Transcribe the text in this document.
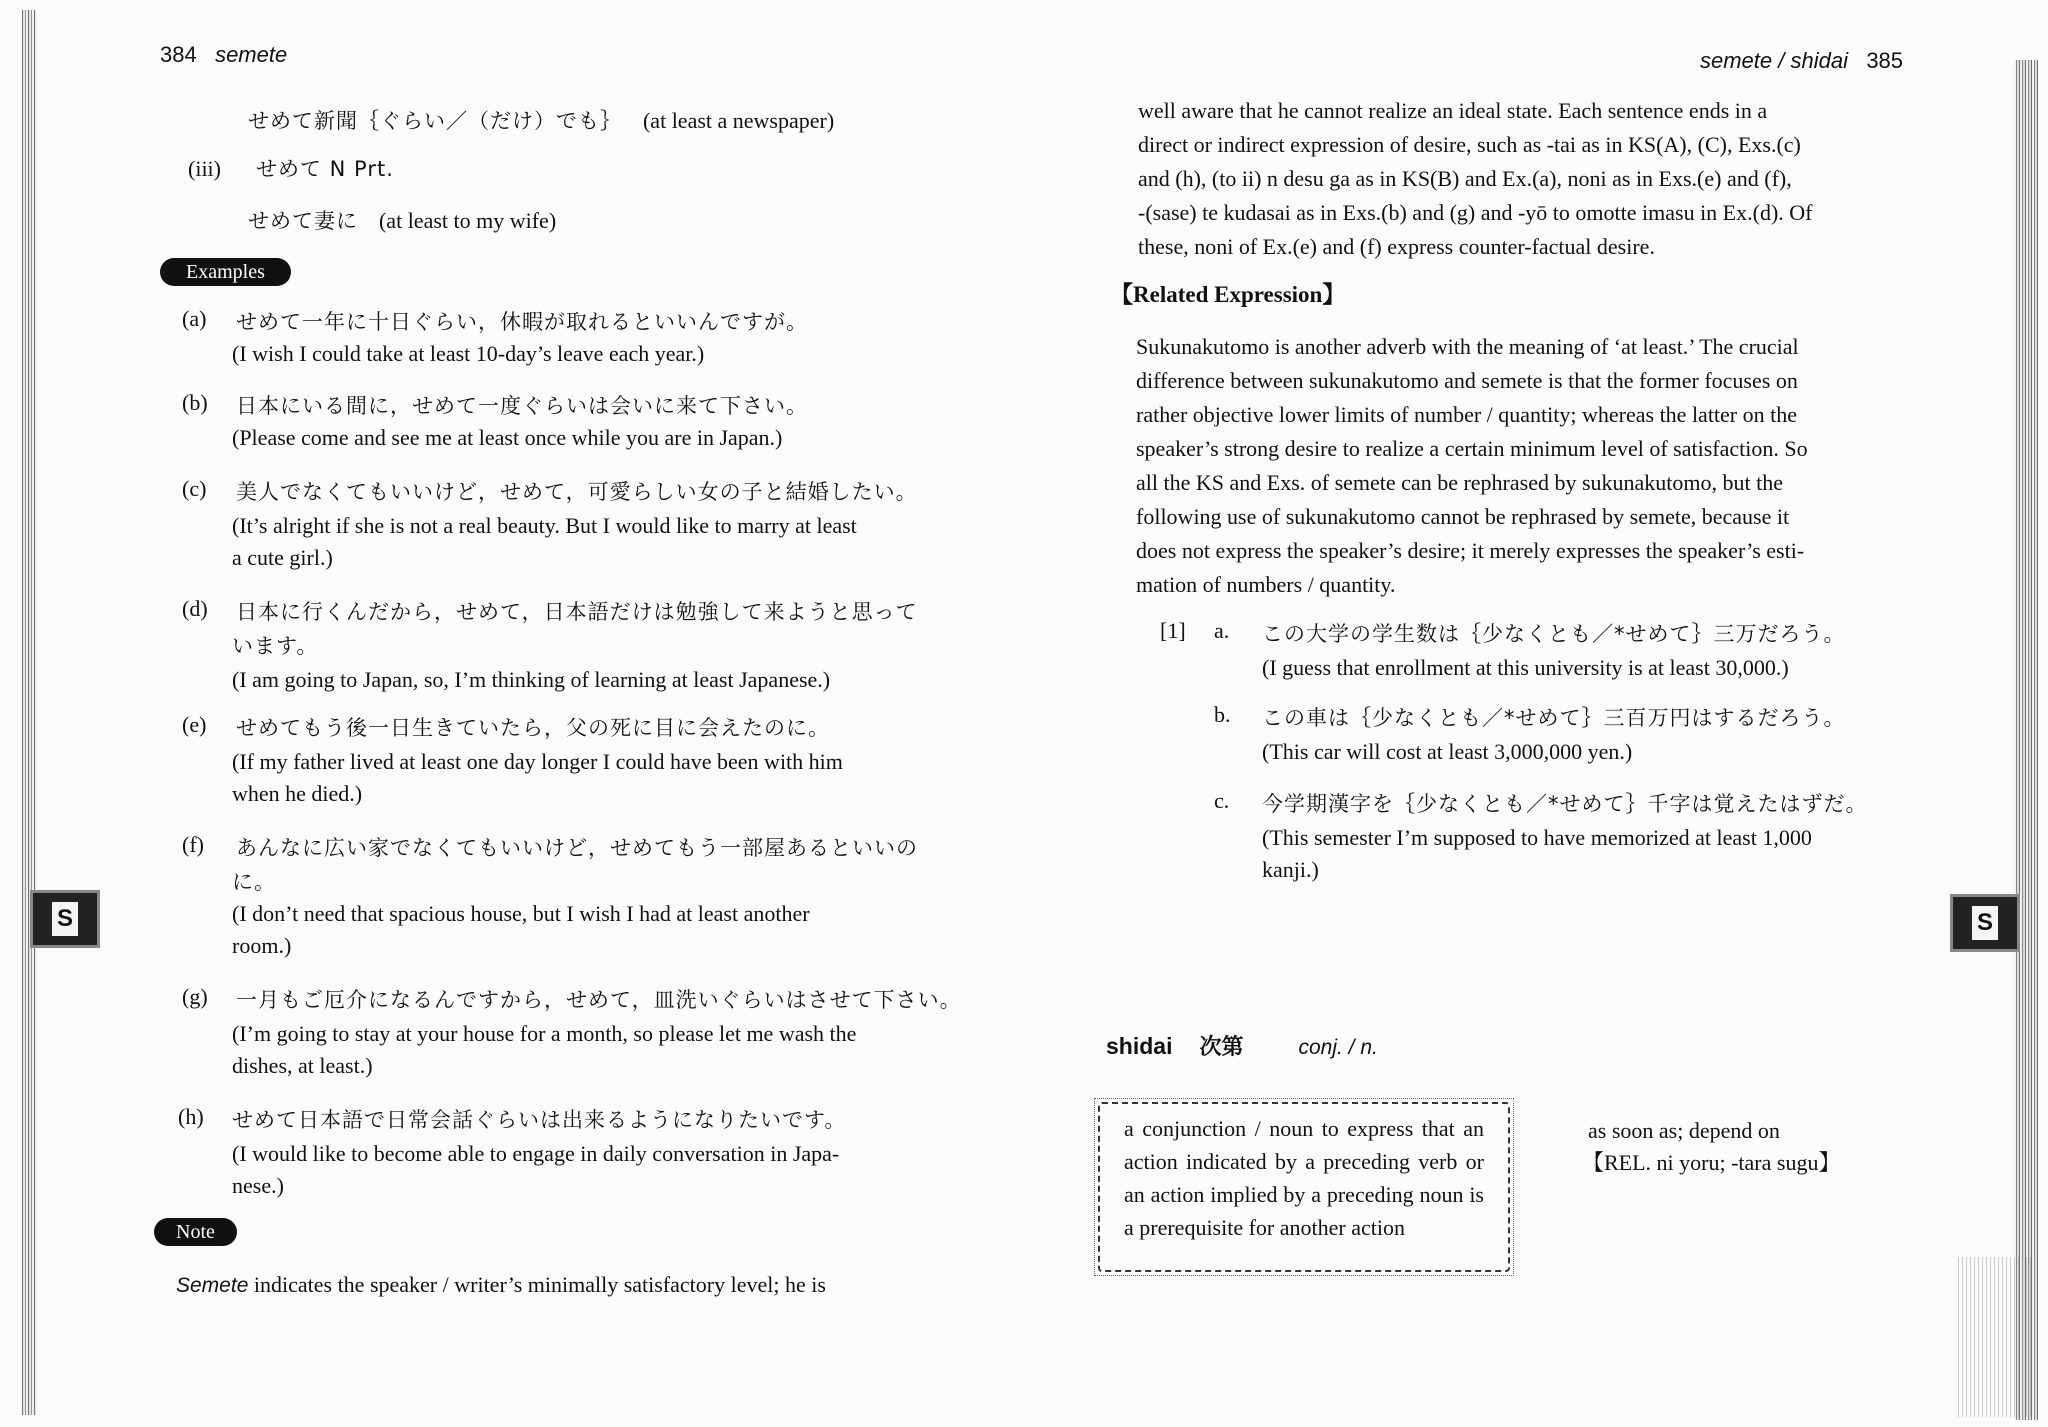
384 semete
せめて新聞｛ぐらい／（だけ）でも｝ (at least a newspaper)
(iii) せめて N Prt.
せめて妻に (at least to my wife)
Examples
(a) せめて一年に十日ぐらい，休暇が取れるといいんですが。
(I wish I could take at least 10-day’s leave each year.)
(b) 日本にいる間に，せめて一度ぐらいは会いに来て下さい。
(Please come and see me at least once while you are in Japan.)
(c) 美人でなくてもいいけど，せめて，可愛らしい女の子と結婚したい。
(It’s alright if she is not a real beauty. But I would like to marry at least
a cute girl.)
(d) 日本に行くんだから，せめて，日本語だけは勉強して来ようと思って
います。
(I am going to Japan, so, I’m thinking of learning at least Japanese.)
(e) せめてもう後一日生きていたら，父の死に目に会えたのに。
(If my father lived at least one day longer I could have been with him
when he died.)
(f) あんなに広い家でなくてもいいけど，せめてもう一部屋あるといいの
に。
(I don’t need that spacious house, but I wish I had at least another
room.)
(g) 一月もご厄介になるんですから，せめて，皿洗いぐらいはさせて下さい。
(I’m going to stay at your house for a month, so please let me wash the
dishes, at least.)
(h) せめて日本語で日常会話ぐらいは出来るようになりたいです。
(I would like to become able to engage in daily conversation in Japa-
nese.)
Note
Semete indicates the speaker / writer’s minimally satisfactory level; he is
S
semete / shidai 385
well aware that he cannot realize an ideal state. Each sentence ends in a
direct or indirect expression of desire, such as -tai as in KS(A), (C), Exs.(c)
and (h), (to ii) n desu ga as in KS(B) and Ex.(a), noni as in Exs.(e) and (f),
-(sase) te kudasai as in Exs.(b) and (g) and -yō to omotte imasu in Ex.(d). Of
these, noni of Ex.(e) and (f) express counter-factual desire.
【Related Expression】
Sukunakutomo is another adverb with the meaning of ‘at least.’ The crucial
difference between sukunakutomo and semete is that the former focuses on
rather objective lower limits of number / quantity; whereas the latter on the
speaker’s strong desire to realize a certain minimum level of satisfaction. So
all the KS and Exs. of semete can be rephrased by sukunakutomo, but the
following use of sukunakutomo cannot be rephrased by semete, because it
does not express the speaker’s desire; it merely expresses the speaker’s esti-
mation of numbers / quantity.
[1] a. この大学の学生数は｛少なくとも／*せめて｝三万だろう。
(I guess that enrollment at this university is at least 30,000.)
b. この車は｛少なくとも／*せめて｝三百万円はするだろう。
(This car will cost at least 3,000,000 yen.)
c. 今学期漢字を｛少なくとも／*せめて｝千字は覚えたはずだ。
(This semester I’m supposed to have memorized at least 1,000
kanji.)
shidai 次第	conj. / n.
a conjunction / noun to express that an action indicated by a preceding verb or an action implied by a preceding noun is a prerequisite for another action
as soon as; depend on
【REL. ni yoru; -tara sugu】
S
